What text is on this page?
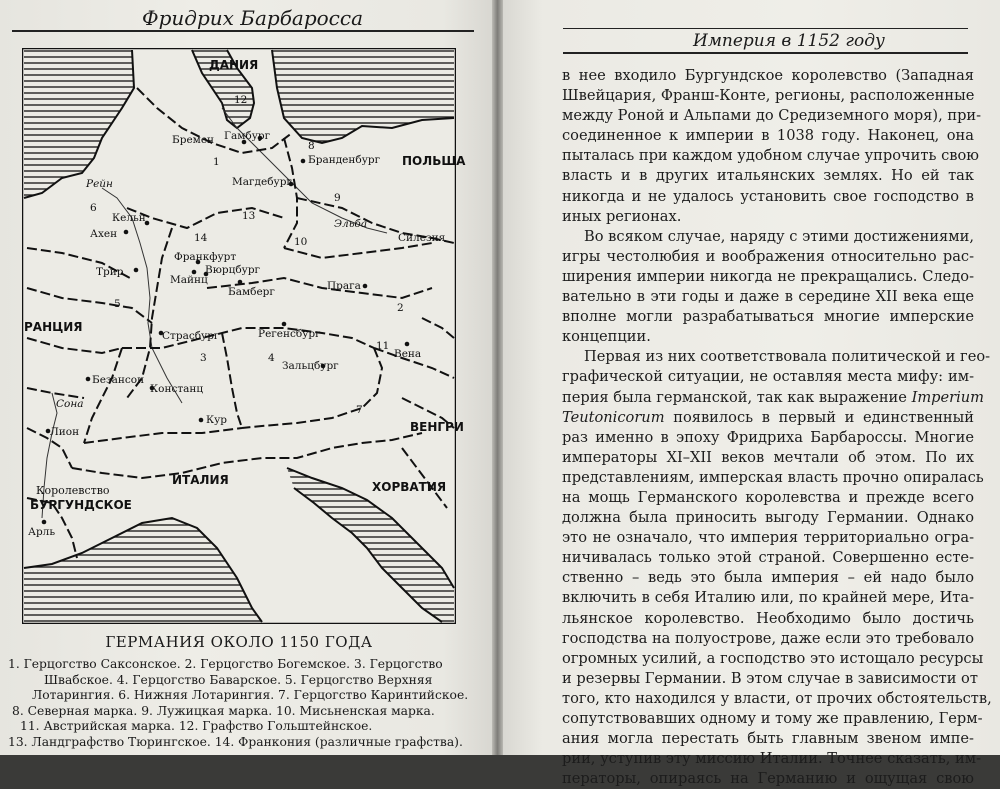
Фридрих Барбаросса
ДАНИЯ
ПОЛЬША
РАНЦИЯ
ИТАЛИЯ
ВЕНГРИ
ХОРВАТИЯ
Королевство
БУРГУНДСКОЕ
Рейн
Эльба
Сона
Бремен Гамбург
Бранденбург
Магдебург
Кельн
Ахен	Силезия
Франкфурт
Трир
Майнц
Вюрцбург
Бамберг	Прага
Страсбург	Регенсбург
Вена
Зальцбург
Безансон
Констанц
Кур
Лион
Арль
1
2
3	4
5
6
7
8
9
10
11
12
13
14
ГЕРМАНИЯ ОКОЛО 1150 ГОДА
1. Герцогство Саксонское. 2. Герцогство Богемское. 3. Герцогство
Швабское. 4. Герцогство Баварское. 5. Герцогство Верхняя
Лотарингия. 6. Нижняя Лотарингия. 7. Герцогство Каринтийское.
8. Северная марка. 9. Лужицкая марка. 10. Мисьненская марка.
11. Австрийская марка. 12. Графство Гольштейнское.
13. Ландграфство Тюрингское. 14. Франкония (различные графства).
Империя в 1152 году
в нее входило Бургундское королевство (Западная
Швейцария, Франш-Конте, регионы, расположенные
между Роной и Альпами до Средиземного моря), при-
соединенное к империи в 1038 году. Наконец, она
пыталась при каждом удобном случае упрочить свою
власть и в других итальянских землях. Но ей так
никогда и не удалось установить свое господство в
иных регионах.
Во всяком случае, наряду с этими достижениями,
игры честолюбия и воображения относительно рас-
ширения империи никогда не прекращались. Следо-
вательно в эти годы и даже в середине XII века еще
вполне могли разрабатываться многие имперские
концепции.
Первая из них соответствовала политической и гео-
графической ситуации, не оставляя места мифу: им-
перия была германской, так как выражение Imperium
Teutonicorum появилось в первый и единственный
раз именно в эпоху Фридриха Барбароссы. Многие
императоры XI–XII веков мечтали об этом. По их
представлениям, имперская власть прочно опиралась
на мощь Германского королевства и прежде всего
должна была приносить выгоду Германии. Однако
это не означало, что империя территориально огра-
ничивалась только этой страной. Совершенно есте-
ственно – ведь это была империя – ей надо было
включить в себя Италию или, по крайней мере, Ита-
льянское королевство. Необходимо было достичь
господства на полуострове, даже если это требовало
огромных усилий, а господство это истощало ресурсы
и резервы Германии. В этом случае в зависимости от
того, кто находился у власти, от прочих обстоятельств,
сопутствовавших одному и тому же правлению, Герм-
ания могла перестать быть главным звеном импе-
рии, уступив эту миссию Италии. Точнее сказать, им-
ператоры, опираясь на Германию и ощущая свою
